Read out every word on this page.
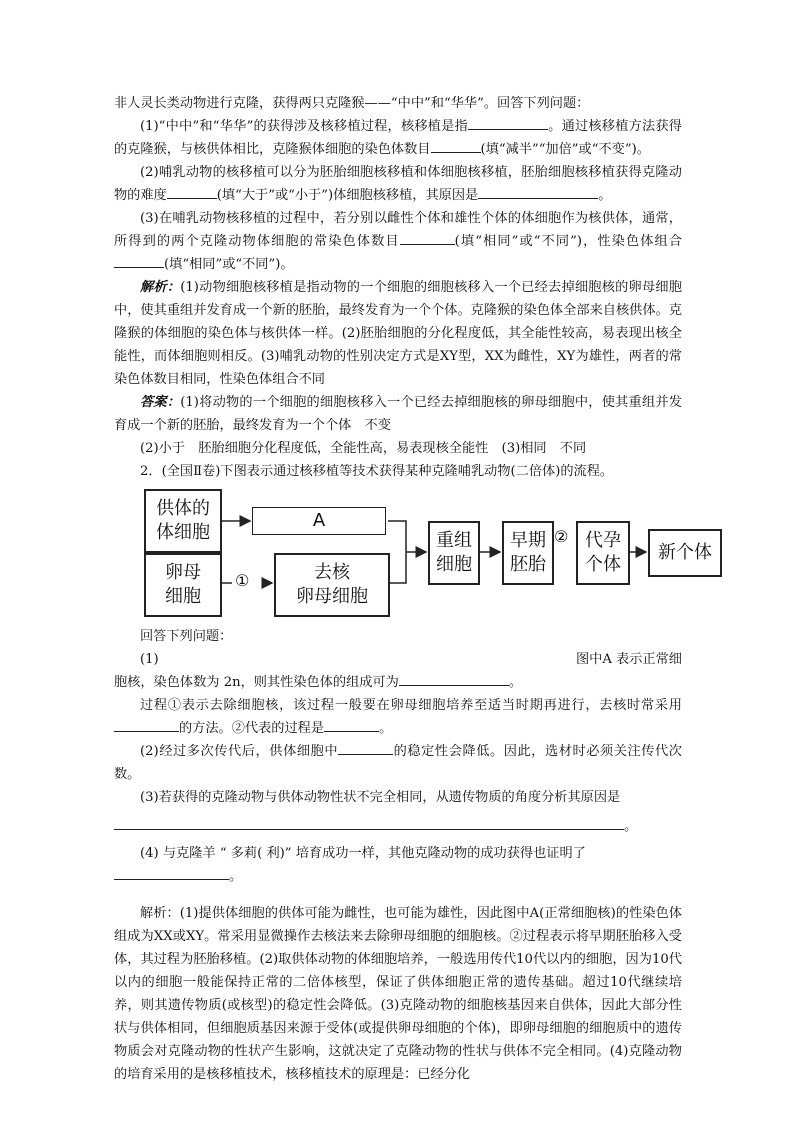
非人灵长类动物进行克隆，获得两只克隆猴——“中中”和“华华”。回答下列问题：

(1)“中中”和“华华”的获得涉及核移植过程，核移植是指	。通过核移植方法获得的克隆猴，与核供体相比，克隆猴体细胞的染色体数目	(填“减半”“加倍”或“不变”)。

(2)哺乳动物的核移植可以分为胚胎细胞核移植和体细胞核移植，胚胎细胞核移植获得克隆动物的难度	(填“大于”或“小于”)体细胞核移植，其原因是	。

(3)在哺乳动物核移植的过程中，若分别以雌性个体和雄性个体的体细胞作为核供体，通常，所得到的两个克隆动物体细胞的常染色体数目	(填“相同”或“不同”)，性染色体组合(填“相同”或“不同”)。

解析：(1)动物细胞核移植是指动物的一个细胞的细胞核移入一个已经去掉细胞核的卵母细胞中，使其重组并发育成一个新的胚胎，最终发育为一个个体。克隆猴的染色体全部来自核供体。克隆猴的体细胞的染色体与核供体一样。(2)胚胎细胞的分化程度低，其全能性较高，易表现出核全能性，而体细胞则相反。(3)哺乳动物的性别决定方式是XY型，XX为雌性，XY为雄性，两者的常染色体数目相同，性染色体组合不同

答案：(1)将动物的一个细胞的细胞核移入一个已经去掉细胞核的卵母细胞中，使其重组并发育成一个新的胚胎，最终发育为一个个体　不变

(2)小于　胚胎细胞分化程度低，全能性高，易表现核全能性　(3)相同　不同

2．(全国Ⅱ卷)下图表示通过核移植等技术获得某种克隆哺乳动物(二倍体)的流程。

供体的
体细胞
A
卵母
细胞
①	去核
卵母细胞
重组
细胞
早期
胚胎
② 代孕
个体
新个体

回答下列问题：

(1)	图中A 表示正常细

胞核，染色体数为 2n，则其性染色体的组成可为	。

过程①表示去除细胞核，该过程一般要在卵母细胞培养至适当时期再进行，去核时常采用的方法。②代表的过程是	。

(2)经过多次传代后，供体细胞中	的稳定性会降低。因此，选材时必须关注传代次数。

(3)若获得的克隆动物与供体动物性状不完全相同，从遗传物质的角度分析其原因是

。

(4) 与克隆羊 “ 多莉( 利)” 培育成功一样，其他克隆动物的成功获得也证明了

。

解析：(1)提供体细胞的供体可能为雌性，也可能为雄性，因此图中A(正常细胞核)的性染色体组成为XX或XY。常采用显微操作去核法来去除卵母细胞的细胞核。②过程表示将早期胚胎移入受体，其过程为胚胎移植。(2)取供体动物的体细胞培养，一般选用传代10代以内的细胞，因为10代以内的细胞一般能保持正常的二倍体核型，保证了供体细胞正常的遗传基础。超过10代继续培养，则其遗传物质(或核型)的稳定性会降低。(3)克隆动物的细胞核基因来自供体，因此大部分性状与供体相同，但细胞质基因来源于受体(或提供卵母细胞的个体)，即卵母细胞的细胞质中的遗传物质会对克隆动物的性状产生影响，这就决定了克隆动物的性状与供体不完全相同。(4)克隆动物的培育采用的是核移植技术，核移植技术的原理是：已经分化
